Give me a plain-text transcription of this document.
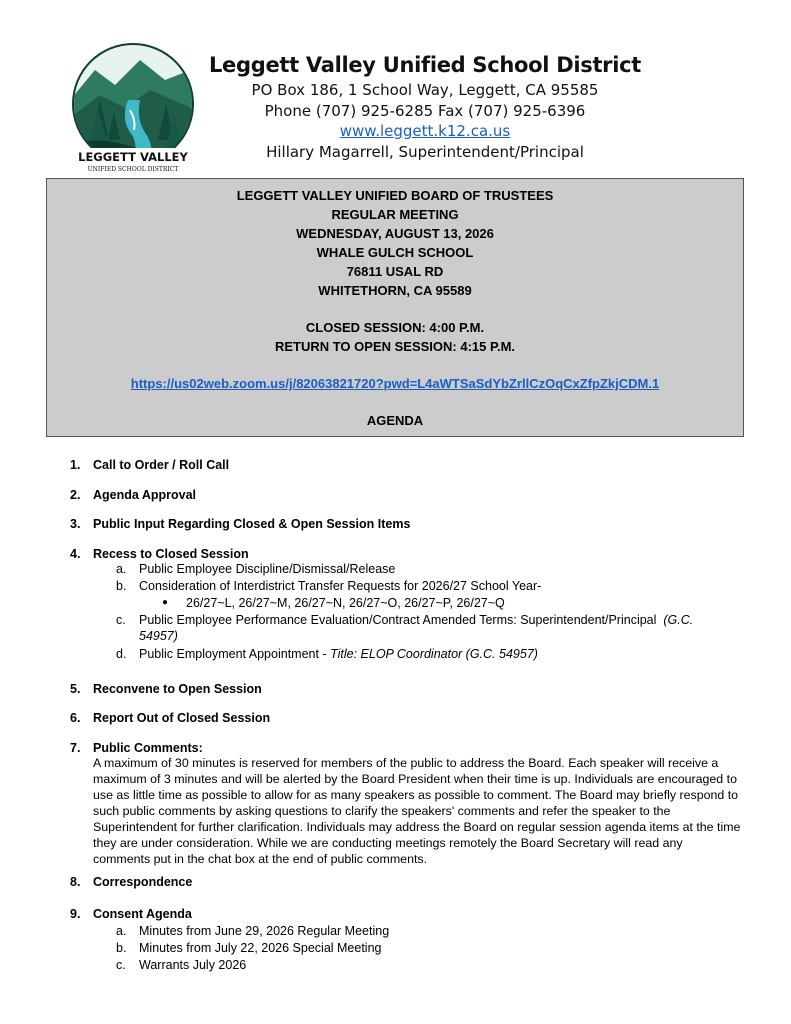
LEGGETT VALLEY
UNIFIED SCHOOL DISTRICT
Leggett Valley Unified School District
PO Box 186, 1 School Way, Leggett, CA 95585
Phone (707) 925-6285 Fax (707) 925-6396
www.leggett.k12.ca.us
Hillary Magarrell, Superintendent/Principal
LEGGETT VALLEY UNIFIED BOARD OF TRUSTEES
REGULAR MEETING
WEDNESDAY, AUGUST 13, 2026
WHALE GULCH SCHOOL
76811 USAL RD
WHITETHORN, CA 95589
CLOSED SESSION: 4:00 P.M.
RETURN TO OPEN SESSION: 4:15 P.M.
https://us02web.zoom.us/j/82063821720?pwd=L4aWTSaSdYbZrllCzOqCxZfpZkjCDM.1
AGENDA
1. Call to Order / Roll Call
2. Agenda Approval
3. Public Input Regarding Closed & Open Session Items
4. Recess to Closed Session
a. Public Employee Discipline/Dismissal/Release
b. Consideration of Interdistrict Transfer Requests for 2026/27 School Year-
● 26/27~L, 26/27~M, 26/27~N, 26/27~O, 26/27~P, 26/27~Q
c. Public Employee Performance Evaluation/Contract Amended Terms: Superintendent/Principal (G.C.
54957)
d. Public Employment Appointment - Title: ELOP Coordinator (G.C. 54957)
5. Reconvene to Open Session
6. Report Out of Closed Session
7. Public Comments:
A maximum of 30 minutes is reserved for members of the public to address the Board. Each speaker will receive a maximum of 3 minutes and will be alerted by the Board President when their time is up. Individuals are encouraged to use as little time as possible to allow for as many speakers as possible to comment. The Board may briefly respond to such public comments by asking questions to clarify the speakers' comments and refer the speaker to the Superintendent for further clarification. Individuals may address the Board on regular session agenda items at the time they are under consideration. While we are conducting meetings remotely the Board Secretary will read any comments put in the chat box at the end of public comments.
8. Correspondence
9. Consent Agenda
a. Minutes from June 29, 2026 Regular Meeting
b. Minutes from July 22, 2026 Special Meeting
c. Warrants July 2026
